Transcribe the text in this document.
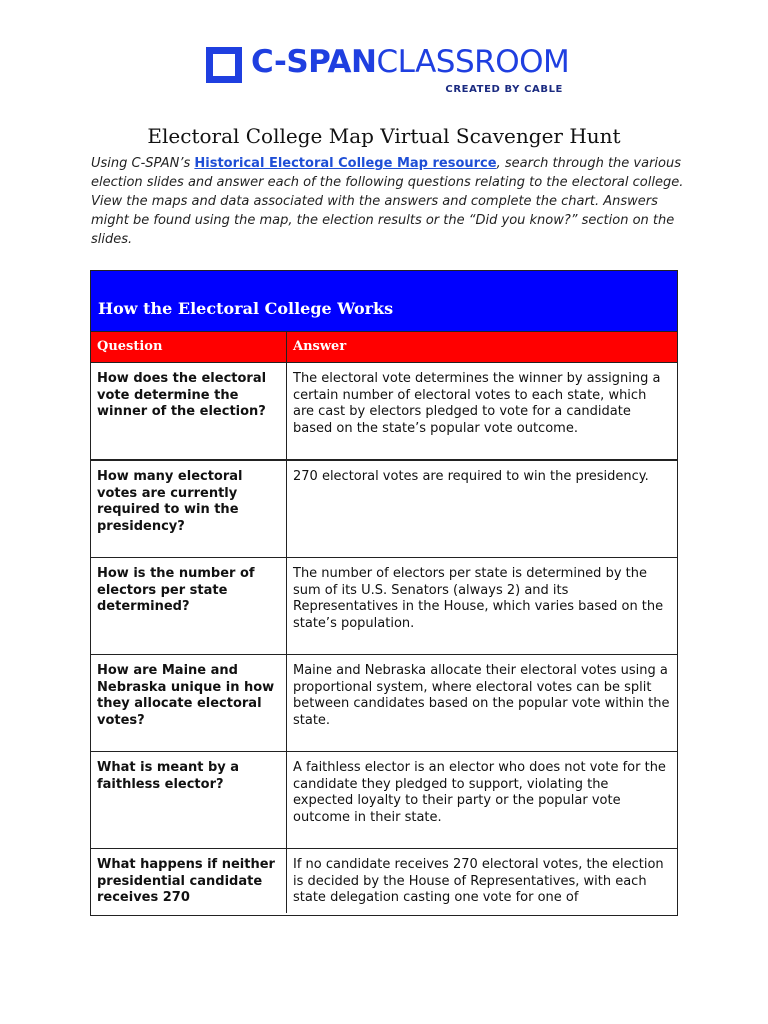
C-SPANCLASSROOM
CREATED BY CABLE
Electoral College Map Virtual Scavenger Hunt
Using C-SPAN’s Historical Electoral College Map resource, search through the various election slides and answer each of the following questions relating to the electoral college. View the maps and data associated with the answers and complete the chart. Answers might be found using the map, the election results or the “Did you know?” section on the slides.
How the Electoral College Works
Question	Answer
How does the electoral vote determine the winner of the election?
The electoral vote determines the winner by assigning a certain number of electoral votes to each state, which are cast by electors pledged to vote for a candidate based on the state’s popular vote outcome.
How many electoral votes are currently required to win the presidency?
270 electoral votes are required to win the presidency.
How is the number of electors per state determined?
The number of electors per state is determined by the sum of its U.S. Senators (always 2) and its Representatives in the House, which varies based on the state’s population.
How are Maine and Nebraska unique in how they allocate electoral votes?
Maine and Nebraska allocate their electoral votes using a proportional system, where electoral votes can be split between candidates based on the popular vote within the state.
What is meant by a faithless elector?
A faithless elector is an elector who does not vote for the candidate they pledged to support, violating the expected loyalty to their party or the popular vote outcome in their state.
What happens if neither presidential candidate receives 270
If no candidate receives 270 electoral votes, the election is decided by the House of Representatives, with each state delegation casting one vote for one of
